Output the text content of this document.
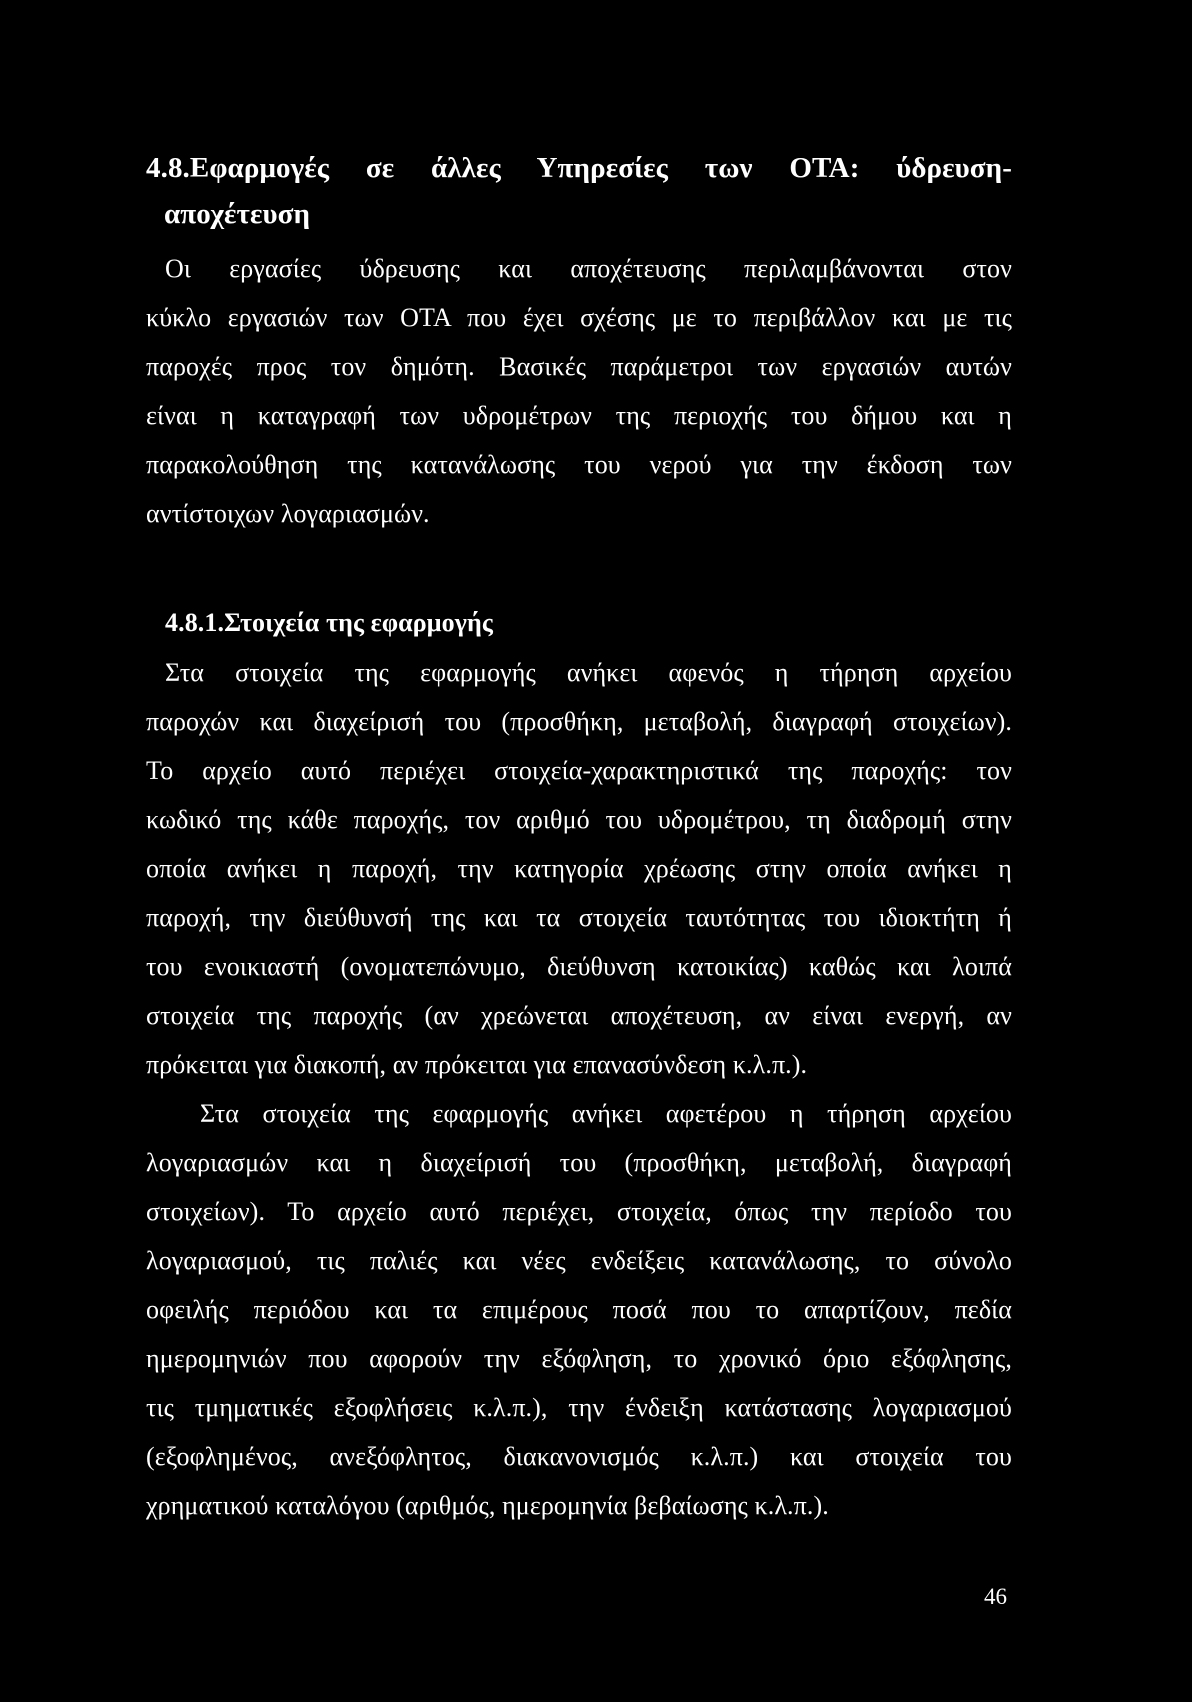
4.8.Εφαρμογές σε άλλες Υπηρεσίες των ΟΤΑ: ύδρευση-
αποχέτευση
Οι εργασίες ύδρευσης και αποχέτευσης περιλαμβάνονται στον
κύκλο εργασιών των ΟΤΑ που έχει σχέσης με το περιβάλλον και με τις
παροχές προς τον δημότη. Βασικές παράμετροι των εργασιών αυτών
είναι η καταγραφή των υδρομέτρων της περιοχής του δήμου και η
παρακολούθηση της κατανάλωσης του νερού για την έκδοση των
αντίστοιχων λογαριασμών.
4.8.1.Στοιχεία της εφαρμογής
Στα στοιχεία της εφαρμογής ανήκει αφενός η τήρηση αρχείου
παροχών και διαχείρισή του (προσθήκη, μεταβολή, διαγραφή στοιχείων).
Το αρχείο αυτό περιέχει στοιχεία-χαρακτηριστικά της παροχής: τον
κωδικό της κάθε παροχής, τον αριθμό του υδρομέτρου, τη διαδρομή στην
οποία ανήκει η παροχή, την κατηγορία χρέωσης στην οποία ανήκει η
παροχή, την διεύθυνσή της και τα στοιχεία ταυτότητας του ιδιοκτήτη ή
του ενοικιαστή (ονοματεπώνυμο, διεύθυνση κατοικίας) καθώς και λοιπά
στοιχεία της παροχής (αν χρεώνεται αποχέτευση, αν είναι ενεργή, αν
πρόκειται για διακοπή, αν πρόκειται για επανασύνδεση κ.λ.π.).
Στα στοιχεία της εφαρμογής ανήκει αφετέρου η τήρηση αρχείου
λογαριασμών και η διαχείρισή του (προσθήκη, μεταβολή, διαγραφή
στοιχείων). Το αρχείο αυτό περιέχει, στοιχεία, όπως την περίοδο του
λογαριασμού, τις παλιές και νέες ενδείξεις κατανάλωσης, το σύνολο
οφειλής περιόδου και τα επιμέρους ποσά που το απαρτίζουν, πεδία
ημερομηνιών που αφορούν την εξόφληση, το χρονικό όριο εξόφλησης,
τις τμηματικές εξοφλήσεις κ.λ.π.), την ένδειξη κατάστασης λογαριασμού
(εξοφλημένος, ανεξόφλητος, διακανονισμός κ.λ.π.) και στοιχεία του
χρηματικού καταλόγου (αριθμός, ημερομηνία βεβαίωσης κ.λ.π.).
46
